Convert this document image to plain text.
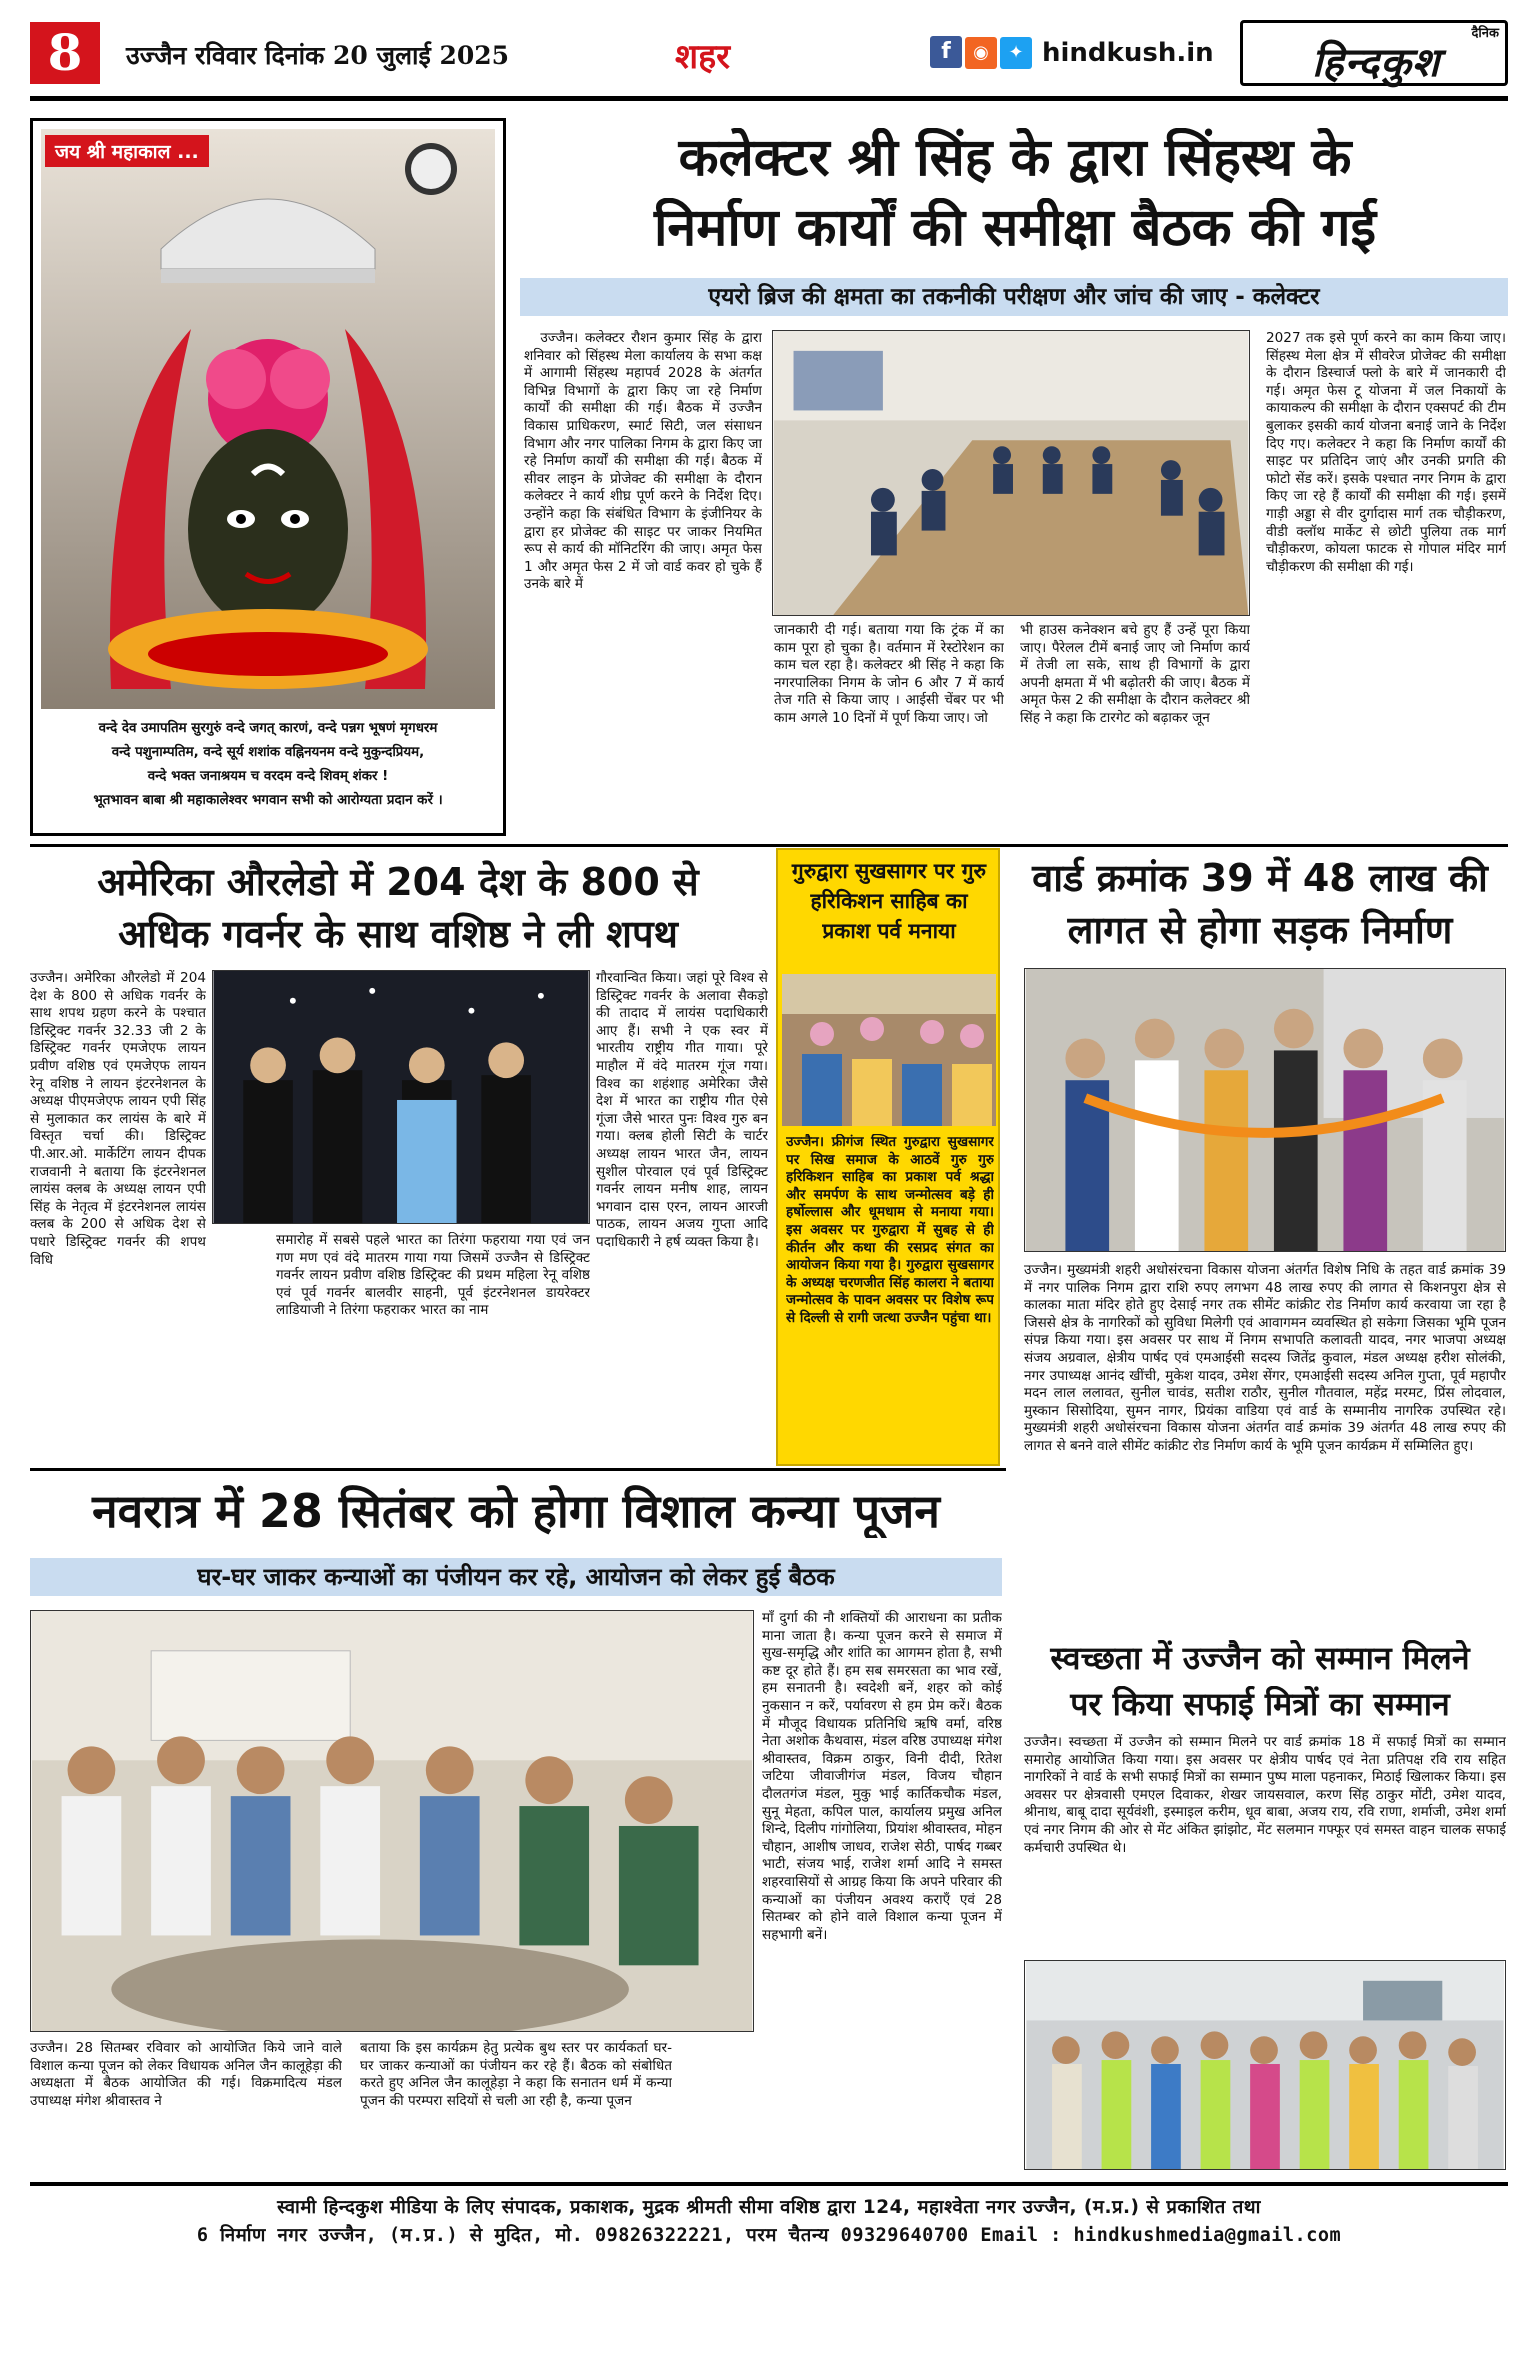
8	उज्जैन रविवार दिनांक 20 जुलाई 2025	शहर	f ◉ ✦ hindkush.in
दैनिक
हिन्दकुश
जय श्री महाकाल ...
वन्दे देव उमापतिम सुरगुरुं वन्दे जगत् कारणं, वन्दे पन्नग भूषणं मृगधरम
वन्दे पशुनाम्पतिम, वन्दे सूर्य शशांक वह्निनयनम वन्दे मुकुन्दप्रियम,
वन्दे भक्त जनाश्रयम च वरदम वन्दे शिवम् शंकर !
भूतभावन बाबा श्री महाकालेश्वर भगवान सभी को आरोग्यता प्रदान करें ।
कलेक्टर श्री सिंह के द्वारा सिंहस्थ के
निर्माण कार्यों की समीक्षा बैठक की गई
एयरो ब्रिज की क्षमता का तकनीकी परीक्षण और जांच की जाए - कलेक्टर
उज्जैन। कलेक्टर रौशन कुमार सिंह के द्वारा शनिवार को सिंहस्थ मेला कार्यालय के सभा कक्ष में आगामी सिंहस्थ महापर्व 2028 के अंतर्गत विभिन्न विभागों के द्वारा किए जा रहे निर्माण कार्यों की समीक्षा की गई। बैठक में उज्जैन विकास प्राधिकरण, स्मार्ट सिटी, जल संसाधन विभाग और नगर पालिका निगम के द्वारा किए जा रहे निर्माण कार्यों की समीक्षा की गई। बैठक में सीवर लाइन के प्रोजेक्ट की समीक्षा के दौरान कलेक्टर ने कार्य शीघ्र पूर्ण करने के निर्देश दिए। उन्होंने कहा कि संबंधित विभाग के इंजीनियर के द्वारा हर प्रोजेक्ट की साइट पर जाकर नियमित रूप से कार्य की मॉनिटरिंग की जाए। अमृत फेस 1 और अमृत फेस 2 में जो वार्ड कवर हो चुके हैं उनके बारे में
जानकारी दी गई। बताया गया कि ट्रंक में का काम पूरा हो चुका है। वर्तमान में रेस्टोरेशन का काम चल रहा है। कलेक्टर श्री सिंह ने कहा कि नगरपालिका निगम के जोन 6 और 7 में कार्य तेज गति से किया जाए । आईसी चेंबर पर भी काम अगले 10 दिनों में पूर्ण किया जाए। जो
भी हाउस कनेक्शन बचे हुए हैं उन्हें पूरा किया जाए। पैरेलल टीमें बनाई जाए जो निर्माण कार्य में तेजी ला सके, साथ ही विभागों के द्वारा अपनी क्षमता में भी बढ़ोतरी की जाए। बैठक में अमृत फेस 2 की समीक्षा के दौरान कलेक्टर श्री सिंह ने कहा कि टारगेट को बढ़ाकर जून
2027 तक इसे पूर्ण करने का काम किया जाए। सिंहस्थ मेला क्षेत्र में सीवरेज प्रोजेक्ट की समीक्षा के दौरान डिस्चार्ज फ्लो के बारे में जानकारी दी गई। अमृत फेस टू योजना में जल निकायों के कायाकल्प की समीक्षा के दौरान एक्सपर्ट की टीम बुलाकर इसकी कार्य योजना बनाई जाने के निर्देश दिए गए। कलेक्टर ने कहा कि निर्माण कार्यों की साइट पर प्रतिदिन जाएं और उनकी प्रगति की फोटो सेंड करें। इसके पश्चात नगर निगम के द्वारा किए जा रहे हैं कार्यों की समीक्षा की गई। इसमें गाड़ी अड्डा से वीर दुर्गादास मार्ग तक चौड़ीकरण, वीडी क्लॉथ मार्केट से छोटी पुलिया तक मार्ग चौड़ीकरण, कोयला फाटक से गोपाल मंदिर मार्ग चौड़ीकरण की समीक्षा की गई।
अमेरिका औरलेडो में 204 देश के 800 से
अधिक गवर्नर के साथ वशिष्ठ ने ली शपथ
उज्जैन। अमेरिका औरलेडो में 204 देश के 800 से अधिक गवर्नर के साथ शपथ ग्रहण करने के पश्चात डिस्ट्रिक्ट गवर्नर 32.33 जी 2 के डिस्ट्रिक्ट गवर्नर एमजेएफ लायन प्रवीण वशिष्ठ एवं एमजेएफ लायन रेनू वशिष्ठ ने लायन इंटरनेशनल के अध्यक्ष पीएमजेएफ लायन एपी सिंह से मुलाकात कर लायंस के बारे में विस्तृत चर्चा की। डिस्ट्रिक्ट पी.आर.ओ. मार्केटिंग लायन दीपक राजवानी ने बताया कि इंटरनेशनल लायंस क्लब के अध्यक्ष लायन एपी सिंह के नेतृत्व में इंटरनेशनल लायंस क्लब के 200 से अधिक देश से पधारे डिस्ट्रिक्ट गवर्नर की शपथ विधि
समारोह में सबसे पहले भारत का तिरंगा फहराया गया एवं जन गण मण एवं वंदे मातरम गाया गया जिसमें उज्जैन से डिस्ट्रिक्ट गवर्नर लायन प्रवीण वशिष्ठ डिस्ट्रिक्ट की प्रथम महिला रेनू वशिष्ठ एवं पूर्व गवर्नर बालवीर साहनी, पूर्व इंटरनेशनल डायरेक्टर लाडियाजी ने तिरंगा फहराकर भारत का नाम
गौरवान्वित किया। जहां पूरे विश्व से डिस्ट्रिक्ट गवर्नर के अलावा सैकड़ो की तादाद में लायंस पदाधिकारी आए हैं। सभी ने एक स्वर में भारतीय राष्ट्रीय गीत गाया। पूरे माहौल में वंदे मातरम गूंज गया। विश्व का शहंशाह अमेरिका जैसे देश में भारत का राष्ट्रीय गीत ऐसे गूंजा जैसे भारत पुनः विश्व गुरु बन गया। क्लब होली सिटी के चार्टर अध्यक्ष लायन भारत जैन, लायन सुशील पोरवाल एवं पूर्व डिस्ट्रिक्ट गवर्नर लायन मनीष शाह, लायन भगवान दास एरन, लायन आरजी पाठक, लायन अजय गुप्ता आदि पदाधिकारी ने हर्ष व्यक्त किया है।
गुरुद्वारा सुखसागर पर गुरु हरिकिशन साहिब का प्रकाश पर्व मनाया
उज्जैन। फ्रीगंज स्थित गुरुद्वारा सुखसागर पर सिख समाज के आठवें गुरु गुरु हरिकिशन साहिब का प्रकाश पर्व श्रद्धा और समर्पण के साथ जन्मोत्सव बड़े ही हर्षोल्लास और धूमधाम से मनाया गया। इस अवसर पर गुरुद्वारा में सुबह से ही कीर्तन और कथा की रसप्रद संगत का आयोजन किया गया है। गुरुद्वारा सुखसागर के अध्यक्ष चरणजीत सिंह कालरा ने बताया जन्मोत्सव के पावन अवसर पर विशेष रूप से दिल्ली से रागी जत्था उज्जैन पहुंचा था।
वार्ड क्रमांक 39 में 48 लाख की
लागत से होगा सड़क निर्माण
उज्जैन। मुख्यमंत्री शहरी अधोसंरचना विकास योजना अंतर्गत विशेष निधि के तहत वार्ड क्रमांक 39 में नगर पालिक निगम द्वारा राशि रुपए लगभग 48 लाख रुपए की लागत से किशनपुरा क्षेत्र से कालका माता मंदिर होते हुए देसाई नगर तक सीमेंट कांक्रीट रोड निर्माण कार्य करवाया जा रहा है जिससे क्षेत्र के नागरिकों को सुविधा मिलेगी एवं आवागमन व्यवस्थित हो सकेगा जिसका भूमि पूजन संपन्न किया गया। इस अवसर पर साथ में निगम सभापति कलावती यादव, नगर भाजपा अध्यक्ष संजय अग्रवाल, क्षेत्रीय पार्षद एवं एमआईसी सदस्य जितेंद्र कुवाल, मंडल अध्यक्ष हरीश सोलंकी, नगर उपाध्यक्ष आनंद खींची, मुकेश यादव, उमेश सेंगर, एमआईसी सदस्य अनिल गुप्ता, पूर्व महापौर मदन लाल ललावत, सुनील चावंड, सतीश राठौर, सुनील गौतवाल, महेंद्र मरमट, प्रिंस लोदवाल, मुस्कान सिसोदिया, सुमन नागर, प्रियंका वाडिया एवं वार्ड के सम्मानीय नागरिक उपस्थित रहे। मुख्यमंत्री शहरी अधोसंरचना विकास योजना अंतर्गत वार्ड क्रमांक 39 अंतर्गत 48 लाख रुपए की लागत से बनने वाले सीमेंट कांक्रीट रोड निर्माण कार्य के भूमि पूजन कार्यक्रम में सम्मिलित हुए।
नवरात्र में 28 सितंबर को होगा विशाल कन्या पूजन
घर-घर जाकर कन्याओं का पंजीयन कर रहे, आयोजन को लेकर हुई बैठक
उज्जैन। 28 सितम्बर रविवार को आयोजित किये जाने वाले विशाल कन्या पूजन को लेकर विधायक अनिल जैन कालूहेड़ा की अध्यक्षता में बैठक आयोजित की गई। विक्रमादित्य मंडल उपाध्यक्ष मंगेश श्रीवास्तव ने
बताया कि इस कार्यक्रम हेतु प्रत्येक बुथ स्तर पर कार्यकर्ता घर-घर जाकर कन्याओं का पंजीयन कर रहे हैं। बैठक को संबोधित करते हुए अनिल जैन कालूहेड़ा ने कहा कि सनातन धर्म में कन्या पूजन की परम्परा सदियों से चली आ रही है, कन्या पूजन
माँ दुर्गा की नौ शक्तियों की आराधना का प्रतीक माना जाता है। कन्या पूजन करने से समाज में सुख-समृद्धि और शांति का आगमन होता है, सभी कष्ट दूर होते हैं। हम सब समरसता का भाव रखें, हम सनातनी है। स्वदेशी बनें, शहर को कोई नुकसान न करें, पर्यावरण से हम प्रेम करें। बैठक में मौजूद विधायक प्रतिनिधि ऋषि वर्मा, वरिष्ठ नेता अशोक कैथवास, मंडल वरिष्ठ उपाध्यक्ष मंगेश श्रीवास्तव, विक्रम ठाकुर, विनी दीदी, रितेश जटिया जीवाजीगंज मंडल, विजय चौहान दौलतगंज मंडल, मुकु भाई कार्तिकचौक मंडल, सुनू मेहता, कपिल पाल, कार्यालय प्रमुख अनिल शिन्दे, दिलीप गांगोलिया, प्रियांश श्रीवास्तव, मोहन चौहान, आशीष जाधव, राजेश सेठी, पार्षद गब्बर भाटी, संजय भाई, राजेश शर्मा आदि ने समस्त शहरवासियों से आग्रह किया कि अपने परिवार की कन्याओं का पंजीयन अवश्य कराएँ एवं 28 सितम्बर को होने वाले विशाल कन्या पूजन में सहभागी बनें।
स्वच्छता में उज्जैन को सम्मान मिलने
पर किया सफाई मित्रों का सम्मान
उज्जैन। स्वच्छता में उज्जैन को सम्मान मिलने पर वार्ड क्रमांक 18 में सफाई मित्रों का सम्मान समारोह आयोजित किया गया। इस अवसर पर क्षेत्रीय पार्षद एवं नेता प्रतिपक्ष रवि राय सहित नागरिकों ने वार्ड के सभी सफाई मित्रों का सम्मान पुष्प माला पहनाकर, मिठाई खिलाकर किया। इस अवसर पर क्षेत्रवासी एमएल दिवाकर, शेखर जायसवाल, करण सिंह ठाकुर मोंटी, उमेश यादव, श्रीनाथ, बाबू दादा सूर्यवंशी, इस्माइल करीम, धूव बाबा, अजय राय, रवि राणा, शर्माजी, उमेश शर्मा एवं नगर निगम की ओर से मेंट अंकित झांझोट, मेंट सलमान गफ्फूर एवं समस्त वाहन चालक सफाई कर्मचारी उपस्थित थे।
स्वामी हिन्दकुश मीडिया के लिए संपादक, प्रकाशक, मुद्रक श्रीमती सीमा वशिष्ठ द्वारा 124, महाश्वेता नगर उज्जैन, (म.प्र.) से प्रकाशित तथा
6 निर्माण नगर उज्जैन, (म.प्र.) से मुदित, मो. 09826322221, परम चैतन्य 09329640700 Email : hindkushmedia@gmail.com
